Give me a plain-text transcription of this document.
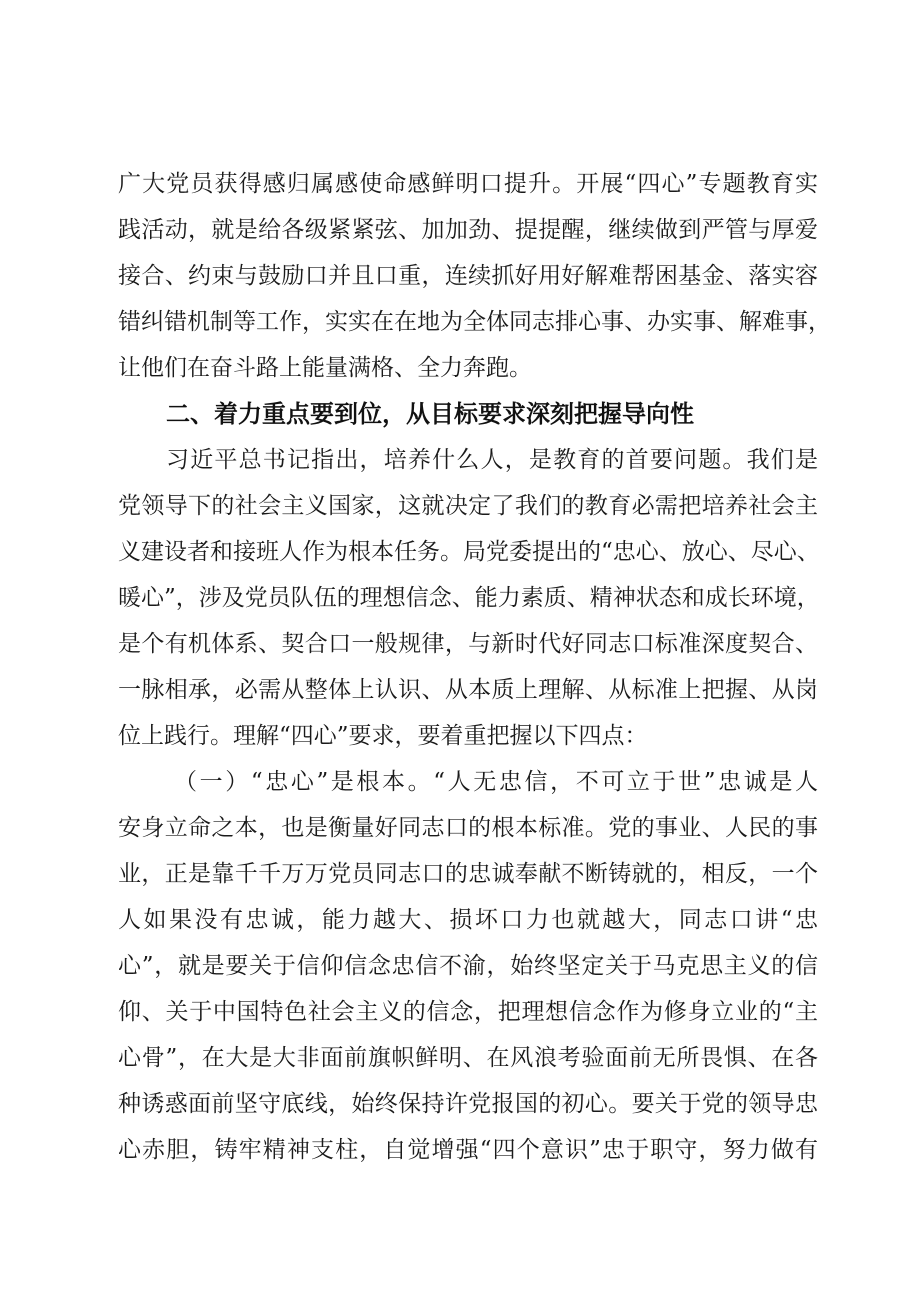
广大党员获得感归属感使命感鲜明口提升。开展“四心”专题教育实

践活动，就是给各级紧紧弦、加加劲、提提醒，继续做到严管与厚爱

接合、约束与鼓励口并且口重，连续抓好用好解难帮困基金、落实容

错纠错机制等工作，实实在在地为全体同志排心事、办实事、解难事，

让他们在奋斗路上能量满格、全力奔跑。

二、着力重点要到位，从目标要求深刻把握导向性

习近平总书记指出，培养什么人，是教育的首要问题。我们是

党领导下的社会主义国家，这就决定了我们的教育必需把培养社会主

义建设者和接班人作为根本任务。局党委提出的“忠心、放心、尽心、

暖心”，涉及党员队伍的理想信念、能力素质、精神状态和成长环境，

是个有机体系、契合口一般规律，与新时代好同志口标准深度契合、

一脉相承，必需从整体上认识、从本质上理解、从标准上把握、从岗

位上践行。理解“四心”要求，要着重把握以下四点：

（一）“忠心”是根本。“人无忠信，不可立于世”忠诚是人

安身立命之本，也是衡量好同志口的根本标准。党的事业、人民的事

业，正是靠千千万万党员同志口的忠诚奉献不断铸就的，相反，一个

人如果没有忠诚，能力越大、损坏口力也就越大，同志口讲“忠

心”，就是要关于信仰信念忠信不渝，始终坚定关于马克思主义的信

仰、关于中国特色社会主义的信念，把理想信念作为修身立业的“主

心骨”，在大是大非面前旗帜鲜明、在风浪考验面前无所畏惧、在各

种诱惑面前坚守底线，始终保持许党报国的初心。要关于党的领导忠

心赤胆，铸牢精神支柱，自觉增强“四个意识”忠于职守，努力做有
